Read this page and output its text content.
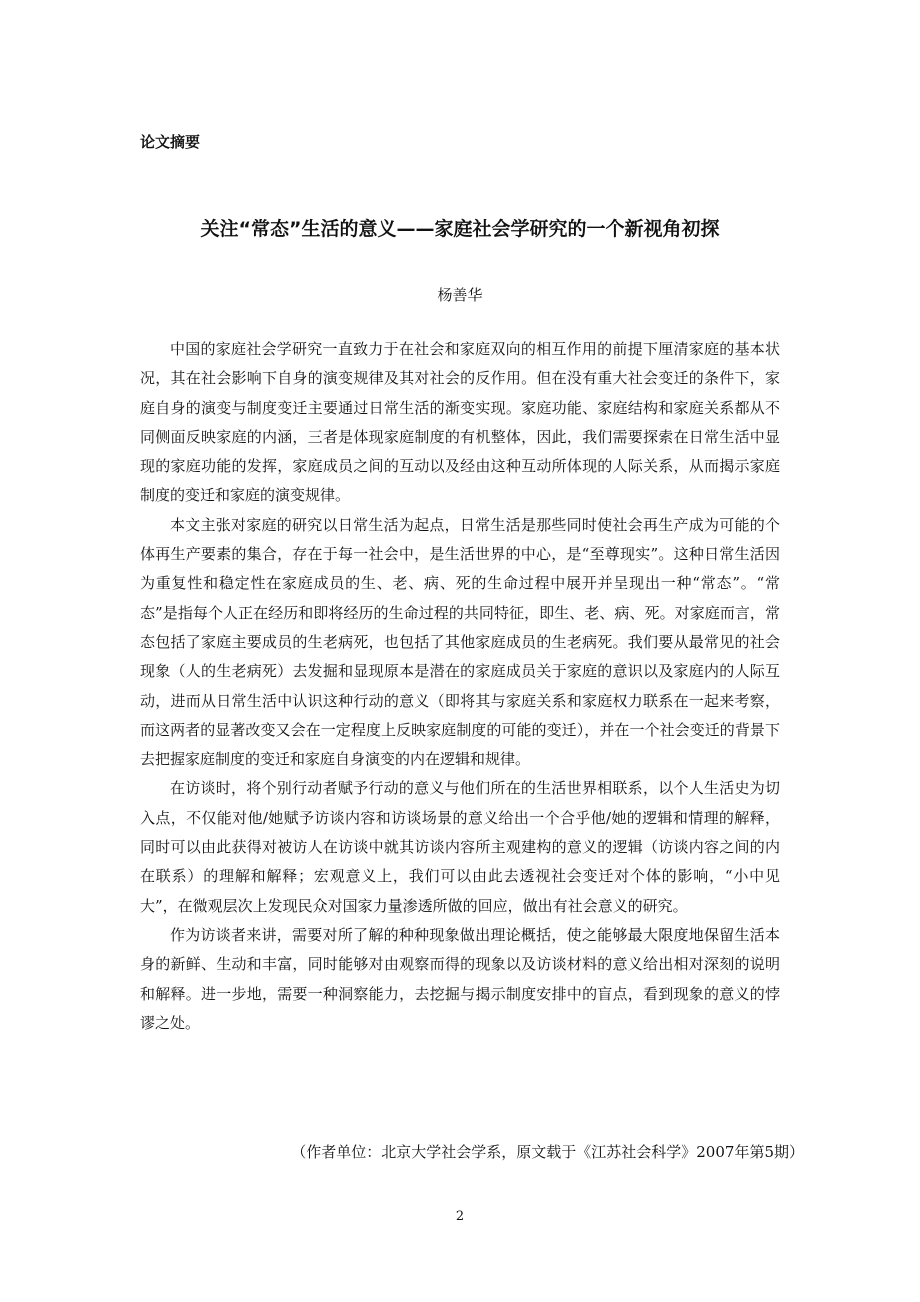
论文摘要
关注“常态”生活的意义——家庭社会学研究的一个新视角初探
杨善华

中国的家庭社会学研究一直致力于在社会和家庭双向的相互作用的前提下厘清家庭的基本状况，其在社会影响下自身的演变规律及其对社会的反作用。但在没有重大社会变迁的条件下，家庭自身的演变与制度变迁主要通过日常生活的渐变实现。家庭功能、家庭结构和家庭关系都从不同侧面反映家庭的内涵，三者是体现家庭制度的有机整体，因此，我们需要探索在日常生活中显现的家庭功能的发挥，家庭成员之间的互动以及经由这种互动所体现的人际关系，从而揭示家庭制度的变迁和家庭的演变规律。

本文主张对家庭的研究以日常生活为起点，日常生活是那些同时使社会再生产成为可能的个体再生产要素的集合，存在于每一社会中，是生活世界的中心，是“至尊现实”。这种日常生活因为重复性和稳定性在家庭成员的生、老、病、死的生命过程中展开并呈现出一种“常态”。“常态”是指每个人正在经历和即将经历的生命过程的共同特征，即生、老、病、死。对家庭而言，常态包括了家庭主要成员的生老病死，也包括了其他家庭成员的生老病死。我们要从最常见的社会现象（人的生老病死）去发掘和显现原本是潜在的家庭成员关于家庭的意识以及家庭内的人际互动，进而从日常生活中认识这种行动的意义（即将其与家庭关系和家庭权力联系在一起来考察，而这两者的显著改变又会在一定程度上反映家庭制度的可能的变迁），并在一个社会变迁的背景下去把握家庭制度的变迁和家庭自身演变的内在逻辑和规律。

在访谈时，将个别行动者赋予行动的意义与他们所在的生活世界相联系，以个人生活史为切入点，不仅能对他/她赋予访谈内容和访谈场景的意义给出一个合乎他/她的逻辑和情理的解释，同时可以由此获得对被访人在访谈中就其访谈内容所主观建构的意义的逻辑（访谈内容之间的内在联系）的理解和解释；宏观意义上，我们可以由此去透视社会变迁对个体的影响，“小中见大”，在微观层次上发现民众对国家力量渗透所做的回应，做出有社会意义的研究。

作为访谈者来讲，需要对所了解的种种现象做出理论概括，使之能够最大限度地保留生活本身的新鲜、生动和丰富，同时能够对由观察而得的现象以及访谈材料的意义给出相对深刻的说明和解释。进一步地，需要一种洞察能力，去挖掘与揭示制度安排中的盲点，看到现象的意义的悖谬之处。

（作者单位：北京大学社会学系，原文载于《江苏社会科学》2007年第5期）
2
